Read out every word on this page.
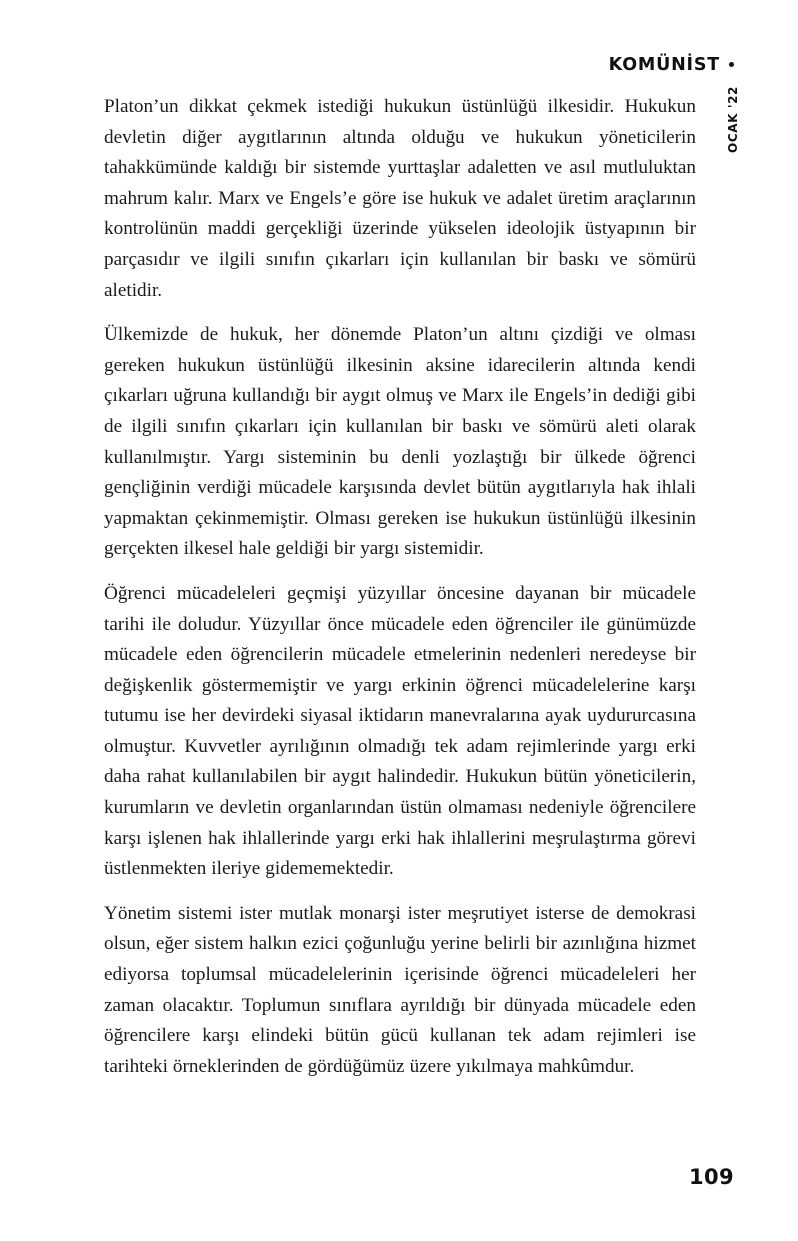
KOMÜNİST
OCAK '22

Platon’un dikkat çekmek istediği hukukun üstünlüğü ilkesidir. Hukukun devletin diğer aygıtlarının altında olduğu ve hukukun yöneticilerin tahakkümünde kaldığı bir sistemde yurttaşlar adaletten ve asıl mutluluktan mahrum kalır. Marx ve Engels’e göre ise hukuk ve adalet üretim araçlarının kontrolünün maddi gerçekliği üzerinde yükselen ideolojik üstyapının bir parçasıdır ve ilgili sınıfın çıkarları için kullanılan bir baskı ve sömürü aletidir.

Ülkemizde de hukuk, her dönemde Platon’un altını çizdiği ve olması gereken hukukun üstünlüğü ilkesinin aksine idarecilerin altında kendi çıkarları uğruna kullandığı bir aygıt olmuş ve Marx ile Engels’in dediği gibi de ilgili sınıfın çıkarları için kullanılan bir baskı ve sömürü aleti olarak kullanılmıştır. Yargı sisteminin bu denli yozlaştığı bir ülkede öğrenci gençliğinin verdiği mücadele karşısında devlet bütün aygıtlarıyla hak ihlali yapmaktan çekinmemiştir. Olması gereken ise hukukun üstünlüğü ilkesinin gerçekten ilkesel hale geldiği bir yargı sistemidir.

Öğrenci mücadeleleri geçmişi yüzyıllar öncesine dayanan bir mücadele tarihi ile doludur. Yüzyıllar önce mücadele eden öğrenciler ile günümüzde mücadele eden öğrencilerin mücadele etmelerinin nedenleri neredeyse bir değişkenlik göstermemiştir ve yargı erkinin öğrenci mücadelelerine karşı tutumu ise her devirdeki siyasal iktidarın manevralarına ayak uydururcasına olmuştur. Kuvvetler ayrılığının olmadığı tek adam rejimlerinde yargı erki daha rahat kullanılabilen bir aygıt halindedir. Hukukun bütün yöneticilerin, kurumların ve devletin organlarından üstün olmaması nedeniyle öğrencilere karşı işlenen hak ihlallerinde yargı erki hak ihlallerini meşrulaştırma görevi üstlenmekten ileriye gidememektedir.

Yönetim sistemi ister mutlak monarşi ister meşrutiyet isterse de demokrasi olsun, eğer sistem halkın ezici çoğunluğu yerine belirli bir azınlığına hizmet ediyorsa toplumsal mücadelelerinin içerisinde öğrenci mücadeleleri her zaman olacaktır. Toplumun sınıflara ayrıldığı bir dünyada mücadele eden öğrencilere karşı elindeki bütün gücü kullanan tek adam rejimleri ise tarihteki örneklerinden de gördüğümüz üzere yıkılmaya mahkûmdur.

109
